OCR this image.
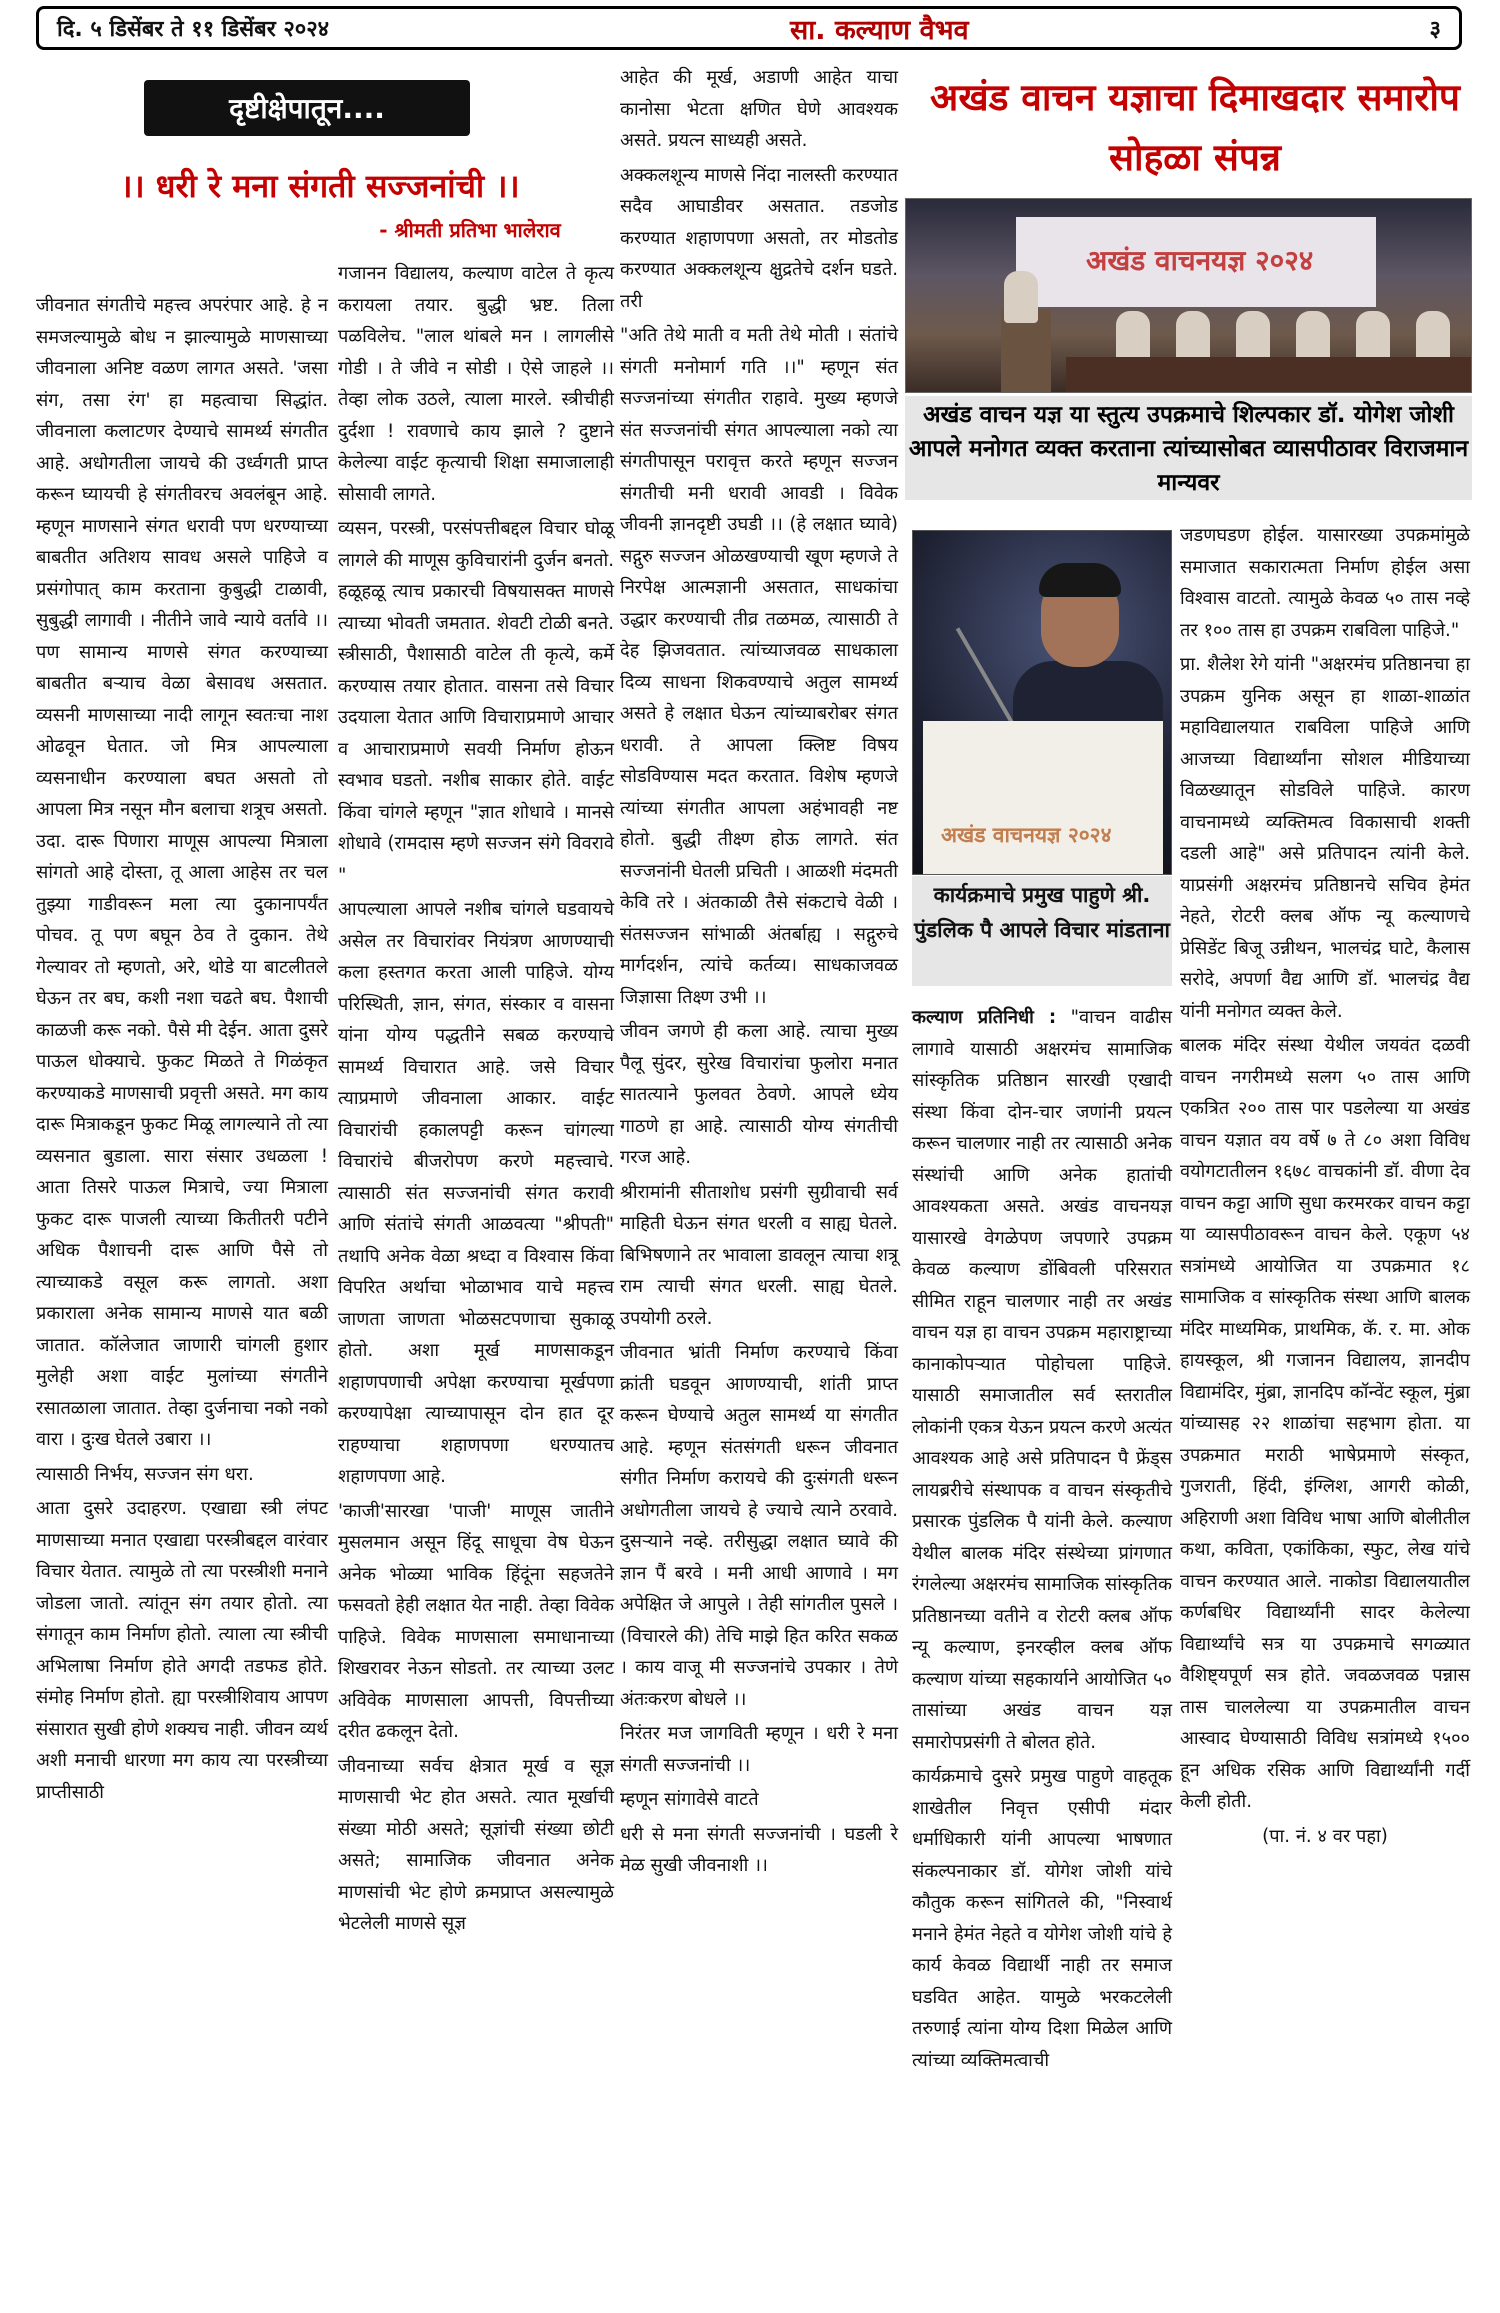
दि. ५ डिसेंबर ते ११ डिसेंबर २०२४	सा. कल्याण वैभव	३
दृष्टीक्षेपातून....
।। धरी रे मना संगती सज्जनांची ।।
- श्रीमती प्रतिभा भालेराव

जीवनात संगतीचे महत्त्व अपरंपार आहे. हे न समजल्यामुळे बोध न झाल्यामुळे माणसाच्या जीवनाला अनिष्ट वळण लागत असते. 'जसा संग, तसा रंग' हा महत्वाचा सिद्धांत. जीवनाला कलाटणर देण्याचे सामर्थ्य संगतीत आहे. अधोगतीला जायचे की उर्ध्वगती प्राप्त करून घ्यायची हे संगतीवरच अवलंबून आहे. म्हणून माणसाने संगत धरावी पण धरण्याच्या बाबतीत अतिशय सावध असले पाहिजे व प्रसंगोपात् काम करताना कुबुद्धी टाळावी, सुबुद्धी लागावी । नीतीने जावे न्याये वर्तावे ।। पण सामान्य माणसे संगत करण्याच्या बाबतीत बऱ्याच वेळा बेसावध असतात. व्यसनी माणसाच्या नादी लागून स्वतःचा नाश ओढवून घेतात. जो मित्र आपल्याला व्यसनाधीन करण्याला बघत असतो तो आपला मित्र नसून मौन बलाचा शत्रूच असतो. उदा. दारू पिणारा माणूस आपल्या मित्राला सांगतो आहे दोस्ता, तू आला आहेस तर चल तुझ्या गाडीवरून मला त्या दुकानापर्यंत पोचव. तू पण बघून ठेव ते दुकान. तेथे गेल्यावर तो म्हणतो, अरे, थोडे या बाटलीतले घेऊन तर बघ, कशी नशा चढते बघ. पैशाची काळजी करू नको. पैसे मी देईन. आता दुसरे पाऊल धोक्याचे. फुकट मिळते ते गिळंकृत करण्याकडे माणसाची प्रवृत्ती असते. मग काय दारू मित्राकडून फुकट मिळू लागल्याने तो त्या व्यसनात बुडाला. सारा संसार उधळला ! आता तिसरे पाऊल मित्राचे, ज्या मित्राला फुकट दारू पाजली त्याच्या कितीतरी पटीने अधिक पैशाचनी दारू आणि पैसे तो त्याच्याकडे वसूल करू लागतो. अशा प्रकाराला अनेक सामान्य माणसे यात बळी जातात. कॉलेजात जाणारी चांगली हुशार मुलेही अशा वाईट मुलांच्या संगतीने रसातळाला जातात. तेव्हा दुर्जनाचा नको नको वारा । दुःख घेतले उबारा ।।

त्यासाठी निर्भय, सज्जन संग धरा.

आता दुसरे उदाहरण. एखाद्या स्त्री लंपट माणसाच्या मनात एखाद्या परस्त्रीबद्दल वारंवार विचार येतात. त्यामुळे तो त्या परस्त्रीशी मनाने जोडला जातो. त्यांतून संग तयार होतो. त्या संगातून काम निर्माण होतो. त्याला त्या स्त्रीची अभिलाषा निर्माण होते अगदी तडफड होते. संमोह निर्माण होतो. ह्या परस्त्रीशिवाय आपण संसारात सुखी होणे शक्यच नाही. जीवन व्यर्थ अशी मनाची धारणा मग काय त्या परस्त्रीच्या प्राप्तीसाठी

गजानन विद्यालय, कल्याण वाटेल ते कृत्य करायला तयार. बुद्धी भ्रष्ट. तिला पळविलेच. "लाल थांबले मन । लागलीसे गोडी । ते जीवे न सोडी । ऐसे जाहले ।। तेव्हा लोक उठले, त्याला मारले. स्त्रीचीही दुर्दशा ! रावणाचे काय झाले ? दुष्टाने केलेल्या वाईट कृत्याची शिक्षा समाजालाही सोसावी लागते.

व्यसन, परस्त्री, परसंपत्तीबद्दल विचार घोळू लागले की माणूस कुविचारांनी दुर्जन बनतो. हळूहळू त्याच प्रकारची विषयासक्त माणसे त्याच्या भोवती जमतात. शेवटी टोळी बनते. स्त्रीसाठी, पैशासाठी वाटेल ती कृत्ये, कर्मे करण्यास तयार होतात. वासना तसे विचार उदयाला येतात आणि विचाराप्रमाणे आचार व आचाराप्रमाणे सवयी निर्माण होऊन स्वभाव घडतो. नशीब साकार होते. वाईट किंवा चांगले म्हणून "ज्ञात शोधावे । मानसे शोधावे (रामदास म्हणे सज्जन संगे विवरावे "

आपल्याला आपले नशीब चांगले घडवायचे असेल तर विचारांवर नियंत्रण आणण्याची कला हस्तगत करता आली पाहिजे. योग्य परिस्थिती, ज्ञान, संगत, संस्कार व वासना यांना योग्य पद्धतीने सबळ करण्याचे सामर्थ्य विचारात आहे. जसे विचार त्याप्रमाणे जीवनाला आकार. वाईट विचारांची हकालपट्टी करून चांगल्या विचारांचे बीजरोपण करणे महत्त्वाचे. त्यासाठी संत सज्जनांची संगत करावी आणि संतांचे संगती आळवत्या "श्रीपती" तथापि अनेक वेळा श्रध्दा व विश्वास किंवा विपरित अर्थाचा भोळाभाव याचे महत्त्व जाणता जाणता भोळसटपणाचा सुकाळू होतो. अशा मूर्ख माणसाकडून शहाणपणाची अपेक्षा करण्याचा मूर्खपणा करण्यापेक्षा त्याच्यापासून दोन हात दूर राहण्याचा शहाणपणा धरण्यातच शहाणपणा आहे.

'काजी'सारखा 'पाजी' माणूस जातीने मुसलमान असून हिंदू साधूचा वेष घेऊन अनेक भोळ्या भाविक हिंदूंना सहजतेने फसवतो हेही लक्षात येत नाही. तेव्हा विवेक पाहिजे. विवेक माणसाला समाधानाच्या शिखरावर नेऊन सोडतो. तर त्याच्या उलट अविवेक माणसाला आपत्ती, विपत्तीच्या दरीत ढकलून देतो.

जीवनाच्या सर्वच क्षेत्रात मूर्ख व सूज्ञ माणसाची भेट होत असते. त्यात मूर्खाची संख्या मोठी असते; सूज्ञांची संख्या छोटी असते; सामाजिक जीवनात अनेक माणसांची भेट होणे क्रमप्राप्त असल्यामुळे भेटलेली माणसे सूज्ञ

आहेत की मूर्ख, अडाणी आहेत याचा कानोसा भेटता क्षणित घेणे आवश्यक असते. प्रयत्न साध्यही असते.

अक्कलशून्य माणसे निंदा नालस्ती करण्यात सदैव आघाडीवर असतात. तडजोड करण्यात शहाणपणा असतो, तर मोडतोड करण्यात अक्कलशून्य क्षुद्रतेचे दर्शन घडते. तरी

"अति तेथे माती व मती तेथे मोती । संतांचे संगती मनोमार्ग गति ।।" म्हणून संत सज्जनांच्या संगतीत राहावे. मुख्य म्हणजे संत सज्जनांची संगत आपल्याला नको त्या संगतीपासून परावृत्त करते म्हणून सज्जन संगतीची मनी धरावी आवडी । विवेक जीवनी ज्ञानदृष्टी उघडी ।। (हे लक्षात घ्यावे) सद्गुरु सज्जन ओळखण्याची खूण म्हणजे ते निरपेक्ष आत्मज्ञानी असतात, साधकांचा उद्धार करण्याची तीव्र तळमळ, त्यासाठी ते देह झिजवतात. त्यांच्याजवळ साधकाला दिव्य साधना शिकवण्याचे अतुल सामर्थ्य असते हे लक्षात घेऊन त्यांच्याबरोबर संगत धरावी. ते आपला क्लिष्ट विषय सोडविण्यास मदत करतात. विशेष म्हणजे त्यांच्या संगतीत आपला अहंभावही नष्ट होतो. बुद्धी तीक्ष्ण होऊ लागते. संत सज्जनांनी घेतली प्रचिती । आळशी मंदमती केवि तरे । अंतकाळी तैसे संकटाचे वेळी । संतसज्जन सांभाळी अंतर्बाह्य । सद्गुरुचे मार्गदर्शन, त्यांचे कर्तव्य। साधकाजवळ जिज्ञासा तिक्ष्ण उभी ।।

जीवन जगणे ही कला आहे. त्याचा मुख्य पैलू सुंदर, सुरेख विचारांचा फुलोरा मनात सातत्याने फुलवत ठेवणे. आपले ध्येय गाठणे हा आहे. त्यासाठी योग्य संगतीची गरज आहे.

श्रीरामांनी सीताशोध प्रसंगी सुग्रीवाची सर्व माहिती घेऊन संगत धरली व साह्य घेतले. बिभिषणाने तर भावाला डावलून त्याचा शत्रू राम त्याची संगत धरली. साह्य घेतले. उपयोगी ठरले.

जीवनात भ्रांती निर्माण करण्याचे किंवा क्रांती घडवून आणण्याची, शांती प्राप्त करून घेण्याचे अतुल सामर्थ्य या संगतीत आहे. म्हणून संतसंगती धरून जीवनात संगीत निर्माण करायचे की दुःसंगती धरून अधोगतीला जायचे हे ज्याचे त्याने ठरवावे. दुसऱ्याने नव्हे. तरीसुद्धा लक्षात घ्यावे की ज्ञान पैं बरवे । मनी आधी आणावे । मग अपेक्षित जे आपुले । तेही सांगतील पुसले । (विचारले की) तेचि माझे हित करित सकळ । काय वाजू मी सज्जनांचे उपकार । तेणे अंतःकरण बोधले ।।

निरंतर मज जागविती म्हणून । धरी रे मना संगती सज्जनांची ।।

म्हणून सांगावेसे वाटते

धरी से मना संगती सज्जनांची । घडली रे मेळ सुखी जीवनाशी ।।

अखंड वाचन यज्ञाचा दिमाखदार समारोप सोहळा संपन्न
अखंड वाचनयज्ञ २०२४
अखंड वाचन यज्ञ या स्तुत्य उपक्रमाचे शिल्पकार डॉ. योगेश जोशी आपले मनोगत व्यक्त करताना त्यांच्यासोबत व्यासपीठावर विराजमान मान्यवर
अखंड वाचनयज्ञ २०२४
कार्यक्रमाचे प्रमुख पाहुणे श्री. पुंडलिक पै आपले विचार मांडताना

कल्याण प्रतिनिधी : "वाचन वाढीस लागावे यासाठी अक्षरमंच सामाजिक सांस्कृतिक प्रतिष्ठान सारखी एखादी संस्था किंवा दोन-चार जणांनी प्रयत्न करून चालणार नाही तर त्यासाठी अनेक संस्थांची आणि अनेक हातांची आवश्यकता असते. अखंड वाचनयज्ञ यासारखे वेगळेपण जपणारे उपक्रम केवळ कल्याण डोंबिवली परिसरात सीमित राहून चालणार नाही तर अखंड वाचन यज्ञ हा वाचन उपक्रम महाराष्ट्राच्या कानाकोपऱ्यात पोहोचला पाहिजे. यासाठी समाजातील सर्व स्तरातील लोकांनी एकत्र येऊन प्रयत्न करणे अत्यंत आवश्यक आहे असे प्रतिपादन पै फ्रेंड्स लायब्ररीचे संस्थापक व वाचन संस्कृतीचे प्रसारक पुंडलिक पै यांनी केले. कल्याण येथील बालक मंदिर संस्थेच्या प्रांगणात रंगलेल्या अक्षरमंच सामाजिक सांस्कृतिक प्रतिष्ठानच्या वतीने व रोटरी क्लब ऑफ न्यू कल्याण, इनरव्हील क्लब ऑफ कल्याण यांच्या सहकार्याने आयोजित ५० तासांच्या अखंड वाचन यज्ञ समारोपप्रसंगी ते बोलत होते.

कार्यक्रमाचे दुसरे प्रमुख पाहुणे वाहतूक शाखेतील निवृत्त एसीपी मंदार धर्माधिकारी यांनी आपल्या भाषणात संकल्पनाकार डॉ. योगेश जोशी यांचे कौतुक करून सांगितले की, "निस्वार्थ मनाने हेमंत नेहते व योगेश जोशी यांचे हे कार्य केवळ विद्यार्थी नाही तर समाज घडवित आहेत. यामुळे भरकटलेली तरुणाई त्यांना योग्य दिशा मिळेल आणि त्यांच्या व्यक्तिमत्वाची

जडणघडण होईल. यासारख्या उपक्रमांमुळे समाजात सकारात्मता निर्माण होईल असा विश्वास वाटतो. त्यामुळे केवळ ५० तास नव्हे तर १०० तास हा उपक्रम राबविला पाहिजे."

प्रा. शैलेश रेगे यांनी "अक्षरमंच प्रतिष्ठानचा हा उपक्रम युनिक असून हा शाळा-शाळांत महाविद्यालयात राबविला पाहिजे आणि आजच्या विद्यार्थ्यांना सोशल मीडियाच्या विळख्यातून सोडविले पाहिजे. कारण वाचनामध्ये व्यक्तिमत्व विकासाची शक्ती दडली आहे" असे प्रतिपादन त्यांनी केले. याप्रसंगी अक्षरमंच प्रतिष्ठानचे सचिव हेमंत नेहते, रोटरी क्लब ऑफ न्यू कल्याणचे प्रेसिडेंट बिजू उन्नीथन, भालचंद्र घाटे, कैलास सरोदे, अपर्णा वैद्य आणि डॉ. भालचंद्र वैद्य यांनी मनोगत व्यक्त केले.

बालक मंदिर संस्था येथील जयवंत दळवी वाचन नगरीमध्ये सलग ५० तास आणि एकत्रित २०० तास पार पडलेल्या या अखंड वाचन यज्ञात वय वर्षे ७ ते ८० अशा विविध वयोगटातीलन १६७८ वाचकांनी डॉ. वीणा देव वाचन कट्टा आणि सुधा करमरकर वाचन कट्टा या व्यासपीठावरून वाचन केले. एकूण ५४ सत्रांमध्ये आयोजित या उपक्रमात १८ सामाजिक व सांस्कृतिक संस्था आणि बालक मंदिर माध्यमिक, प्राथमिक, कॅ. र. मा. ओक हायस्कूल, श्री गजानन विद्यालय, ज्ञानदीप विद्यामंदिर, मुंब्रा, ज्ञानदिप कॉन्वेंट स्कूल, मुंब्रा यांच्यासह २२ शाळांचा सहभाग होता. या उपक्रमात मराठी भाषेप्रमाणे संस्कृत, गुजराती, हिंदी, इंग्लिश, आगरी कोळी, अहिराणी अशा विविध भाषा आणि बोलीतील कथा, कविता, एकांकिका, स्फुट, लेख यांचे वाचन करण्यात आले. नाकोडा विद्यालयातील कर्णबधिर विद्यार्थ्यांनी सादर केलेल्या विद्यार्थ्यांचे सत्र या उपक्रमाचे सगळ्यात वैशिष्ट्यपूर्ण सत्र होते. जवळजवळ पन्नास तास चाललेल्या या उपक्रमातील वाचन आस्वाद घेण्यासाठी विविध सत्रांमध्ये १५०० हून अधिक रसिक आणि विद्यार्थ्यांनी गर्दी केली होती.

(पा. नं. ४ वर पहा)
